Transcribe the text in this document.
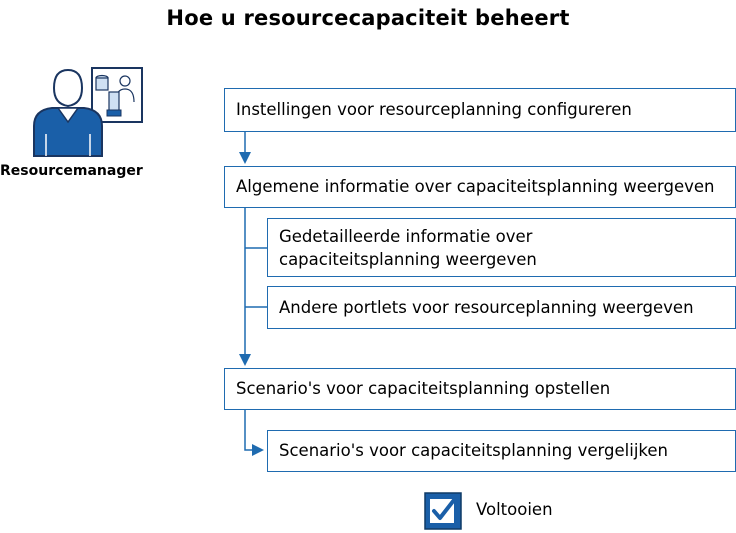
Hoe u resourcecapaciteit beheert
Resourcemanager
Instellingen voor resourceplanning configureren
Algemene informatie over capaciteitsplanning weergeven
Gedetailleerde informatie over
capaciteitsplanning weergeven
Andere portlets voor resourceplanning weergeven
Scenario's voor capaciteitsplanning opstellen
Scenario's voor capaciteitsplanning vergelijken
Voltooien
